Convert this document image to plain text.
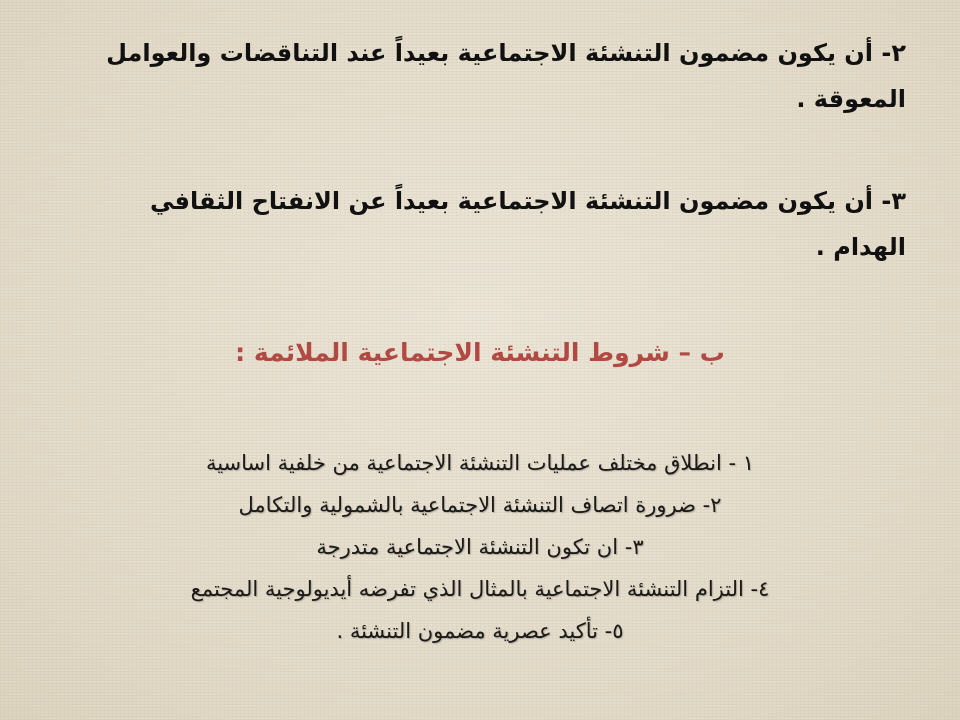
٢- أن يكون مضمون التنشئة الاجتماعية بعيداً عند التناقضات والعوامل المعوقة .

٣- أن يكون مضمون التنشئة الاجتماعية بعيداً عن الانفتاح الثقافي الهدام .

ب – شروط التنشئة الاجتماعية الملائمة :
١ - انطلاق مختلف عمليات التنشئة الاجتماعية من خلفية اساسية
٢- ضرورة اتصاف التنشئة الاجتماعية بالشمولية والتكامل
٣- ان تكون التنشئة الاجتماعية متدرجة
٤- التزام التنشئة الاجتماعية بالمثال الذي تفرضه أيديولوجية المجتمع
٥- تأكيد عصرية مضمون التنشئة .
